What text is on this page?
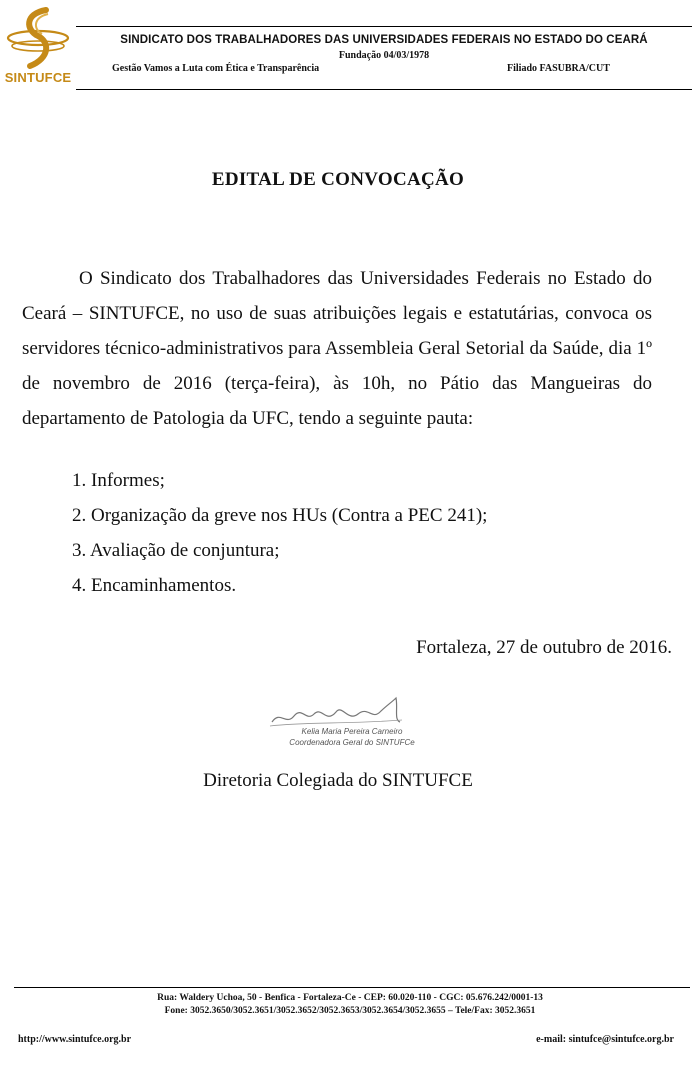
SINTUFCE
SINDICATO DOS TRABALHADORES DAS UNIVERSIDADES FEDERAIS NO ESTADO DO CEARÁ
Fundação 04/03/1978
Gestão Vamos a Luta com Ética e Transparência	Filiado FASUBRA/CUT
EDITAL DE CONVOCAÇÃO

O Sindicato dos Trabalhadores das Universidades Federais no Estado do Ceará – SINTUFCE, no uso de suas atribuições legais e estatutárias, convoca os servidores técnico-administrativos para Assembleia Geral Setorial da Saúde, dia 1º de novembro de 2016 (terça-feira), às 10h, no Pátio das Mangueiras do departamento de Patologia da UFC, tendo a seguinte pauta:

1. Informes;
2. Organização da greve nos HUs (Contra a PEC 241);
3. Avaliação de conjuntura;
4. Encaminhamentos.
Fortaleza, 27 de outubro de 2016.
Kelia Maria Pereira Carneiro
Coordenadora Geral do SINTUFCe
Diretoria Colegiada do SINTUFCE
Rua: Waldery Uchoa, 50 - Benfica - Fortaleza-Ce - CEP: 60.020-110 - CGC: 05.676.242/0001-13
Fone: 3052.3650/3052.3651/3052.3652/3052.3653/3052.3654/3052.3655 – Tele/Fax: 3052.3651
http://www.sintufce.org.br	e-mail: sintufce@sintufce.org.br
